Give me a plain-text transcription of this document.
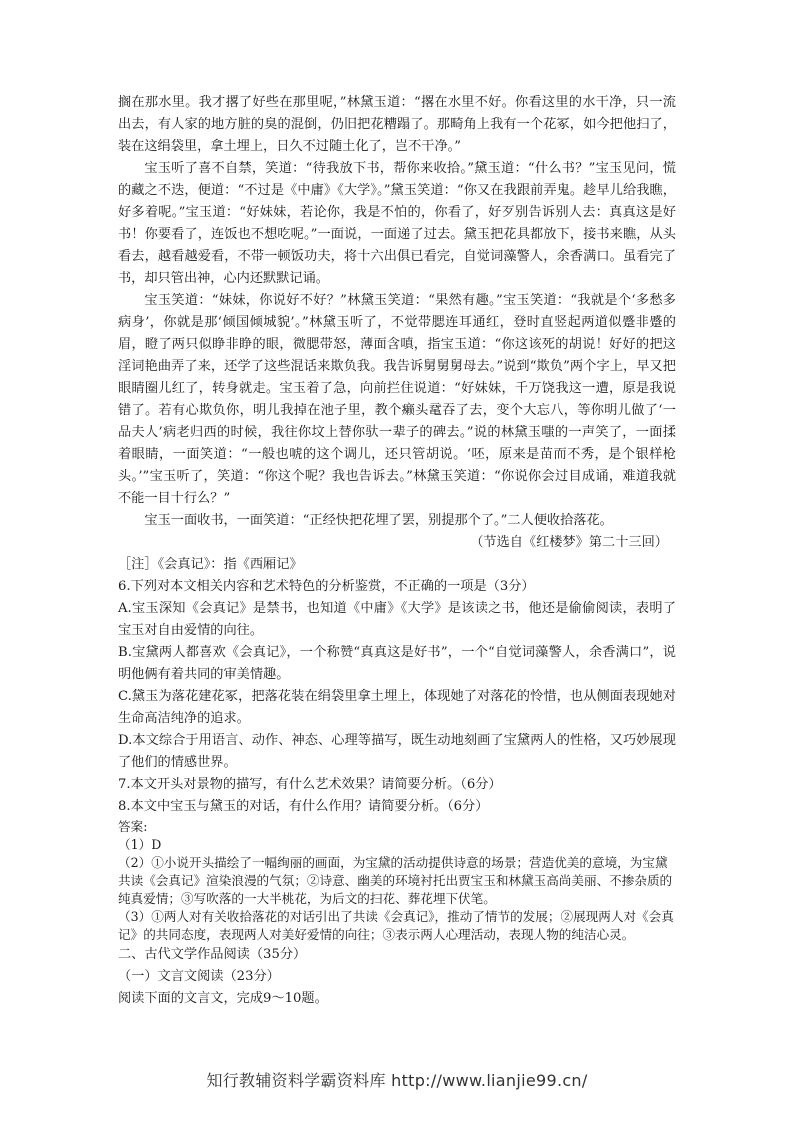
搁在那水里。我才撂了好些在那里呢，”林黛玉道：“撂在水里不好。你看这里的水干净，只一流出去，有人家的地方脏的臭的混倒，仍旧把花糟蹋了。那畸角上我有一个花冢，如今把他扫了，装在这绢袋里，拿土埋上，日久不过随土化了，岂不干净。”

宝玉听了喜不自禁，笑道：“待我放下书，帮你来收拾。”黛玉道：“什么书？”宝玉见问，慌的藏之不迭，便道：“不过是《中庸》《大学》。”黛玉笑道：“你又在我跟前弄鬼。趁早儿给我瞧，好多着呢。”宝玉道：“好妹妹，若论你，我是不怕的，你看了，好歹别告诉别人去：真真这是好书！你要看了，连饭也不想吃呢。”一面说，一面递了过去。黛玉把花具都放下，接书来瞧，从头看去，越看越爱看，不带一顿饭功夫，将十六出俱已看完，自觉词藻警人，余香满口。虽看完了书，却只管出神，心内还默默记诵。

宝玉笑道：“妹妹，你说好不好？”林黛玉笑道：“果然有趣。”宝玉笑道：“我就是个‘多愁多病身’，你就是那‘倾国倾城貌’。”林黛玉听了，不觉带腮连耳通红，登时直竖起两道似蹙非蹙的眉，瞪了两只似睁非睁的眼，微腮带怒，薄面含嗔，指宝玉道：“你这该死的胡说！好好的把这淫词艳曲弄了来，还学了这些混话来欺负我。我告诉舅舅舅母去。”说到“欺负”两个字上，早又把眼睛圈儿红了，转身就走。宝玉着了急，向前拦住说道：“好妹妹，千万饶我这一遭，原是我说错了。若有心欺负你，明儿我掉在池子里，教个癞头鼋吞了去，变个大忘八，等你明儿做了‘一品夫人’病老归西的时候，我往你坟上替你驮一辈子的碑去。”说的林黛玉嗤的一声笑了，一面揉着眼睛，一面笑道：“一般也唬的这个调儿，还只管胡说。‘呸，原来是苗而不秀，是个银样枪头。’”宝玉听了，笑道：“你这个呢？我也告诉去。”林黛玉笑道：“你说你会过目成诵，难道我就不能一目十行么？”

宝玉一面收书，一面笑道：“正经快把花埋了罢，别提那个了。”二人便收拾落花。

（节选自《红楼梦》第二十三回）

［注］《会真记》：指《西厢记》

6.下列对本文相关内容和艺术特色的分析鉴赏，不正确的一项是（3分）

A.宝玉深知《会真记》是禁书，也知道《中庸》《大学》是该读之书，他还是偷偷阅读，表明了宝玉对自由爱情的向往。

B.宝黛两人都喜欢《会真记》，一个称赞“真真这是好书”，一个“自觉词藻警人，余香满口”，说明他俩有着共同的审美情趣。

C.黛玉为落花建花冢，把落花装在绢袋里拿土埋上，体现她了对落花的怜惜，也从侧面表现她对生命高洁纯净的追求。

D.本文综合于用语言、动作、神态、心理等描写，既生动地刻画了宝黛两人的性格，又巧妙展现了他们的情感世界。

7.本文开头对景物的描写，有什么艺术效果？请简要分析。（6分）

8.本文中宝玉与黛玉的对话，有什么作用？请简要分析。（6分）

答案:

（1）D

（2）①小说开头描绘了一幅绚丽的画面，为宝黛的活动提供诗意的场景；营造优美的意境，为宝黛共读《会真记》渲染浪漫的气氛；②诗意、幽美的环境衬托出贾宝玉和林黛玉高尚美丽、不掺杂质的纯真爱情；③写吹落的一大半桃花，为后文的扫花、葬花埋下伏笔。

（3）①两人对有关收拾落花的对话引出了共读《会真记》，推动了情节的发展；②展现两人对《会真记》的共同态度，表现两人对美好爱情的向往；③表示两人心理活动，表现人物的纯洁心灵。

二、古代文学作品阅读（35分）

（一）文言文阅读（23分）

阅读下面的文言文，完成9～10题。

知行教辅资料学霸资料库 http://www.lianjie99.cn/
